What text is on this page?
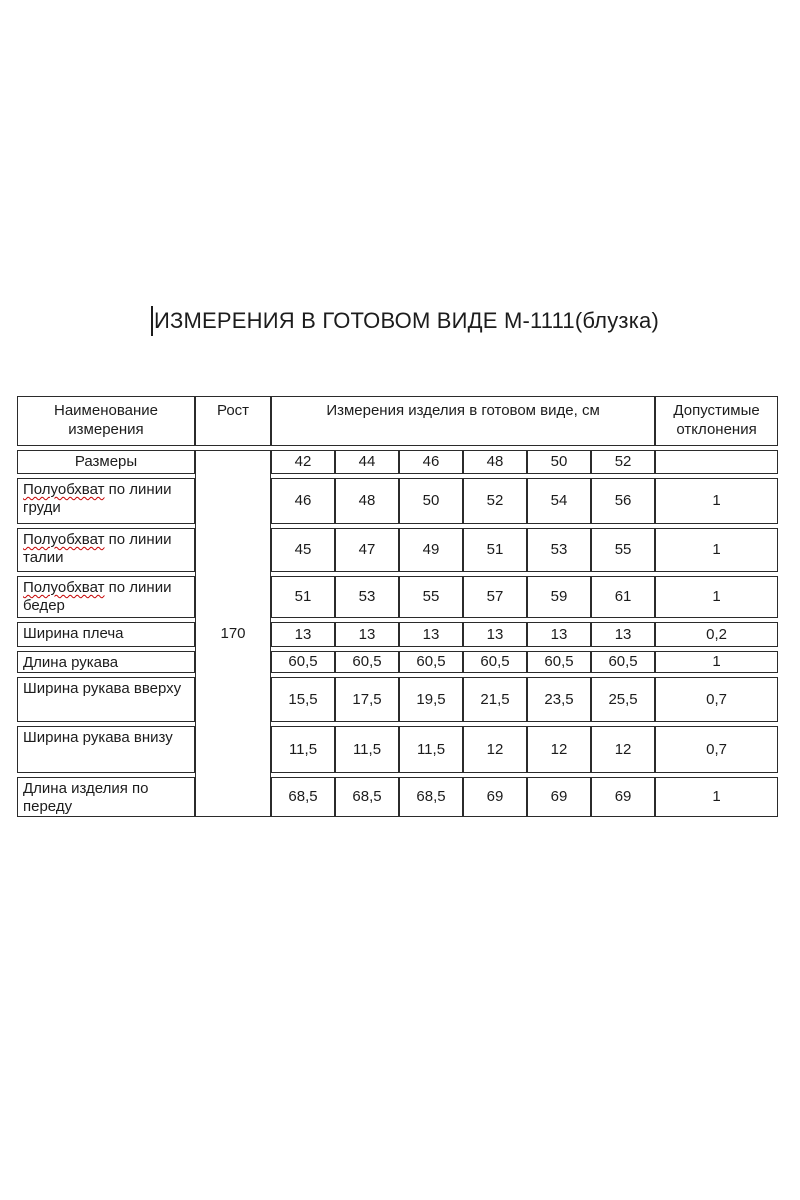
ИЗМЕРЕНИЯ В ГОТОВОМ ВИДЕ М-1111(блузка)
Наименование измерения	Рост	Измерения изделия в готовом виде, см						Допустимые отклонения
Размеры	170	42	44	46	48	50	52	
Полуобхват по линии груди		46	48	50	52	54	56	1
Полуобхват по линии талии		45	47	49	51	53	55	1
Полуобхват по линии бедер		51	53	55	57	59	61	1
Ширина плеча		13	13	13	13	13	13	0,2
Длина рукава		60,5	60,5	60,5	60,5	60,5	60,5	1
Ширина рукава вверху		15,5	17,5	19,5	21,5	23,5	25,5	0,7
Ширина рукава внизу		11,5	11,5	11,5	12	12	12	0,7
Длина изделия по переду		68,5	68,5	68,5	69	69	69	1
